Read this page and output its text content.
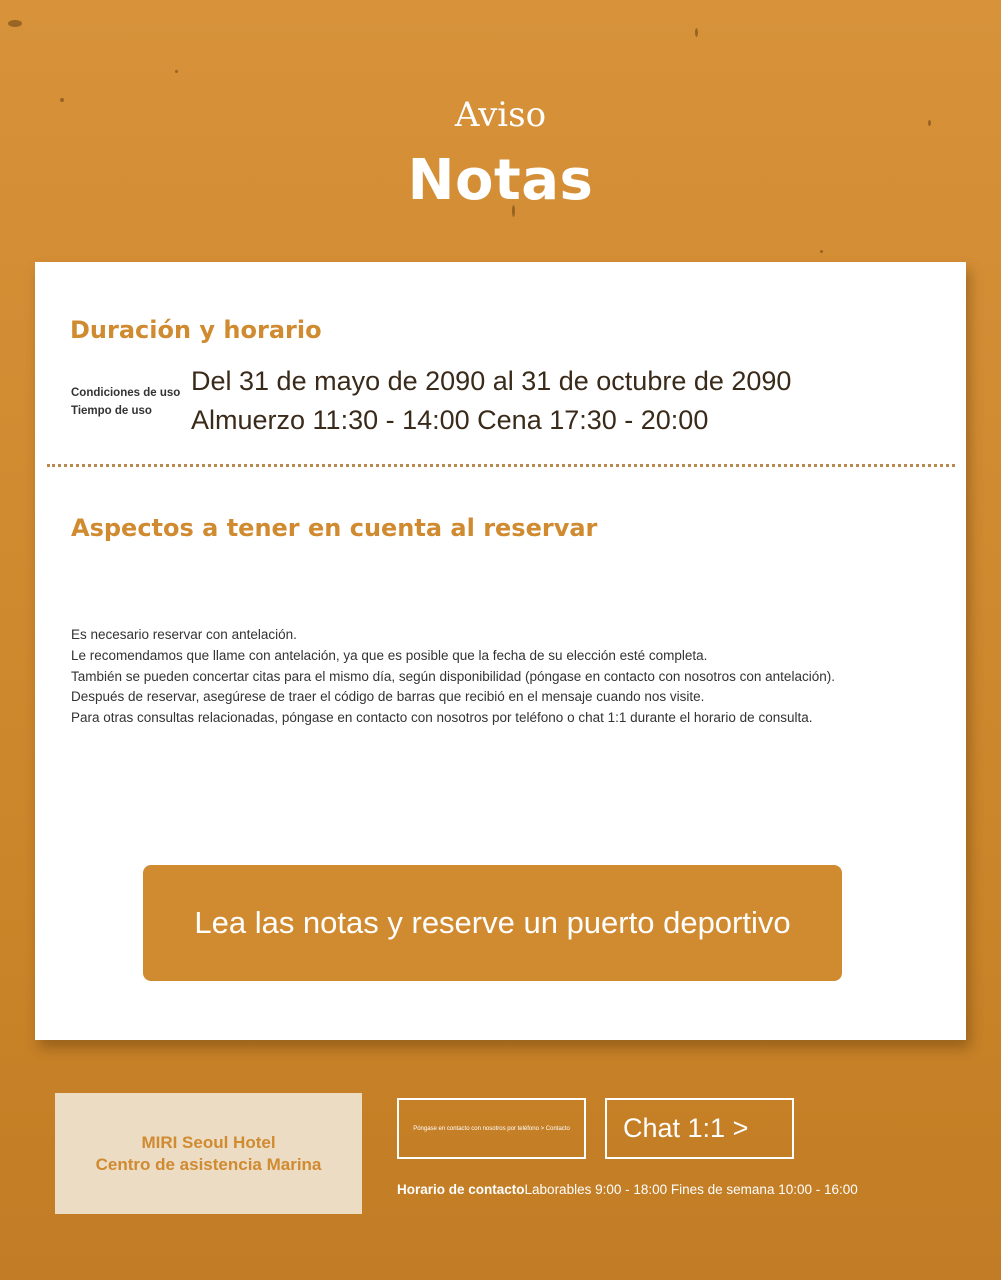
Aviso
Notas
Duración y horario
Condiciones de uso
Tiempo de uso
Del 31 de mayo de 2090 al 31 de octubre de 2090
Almuerzo 11:30 - 14:00 Cena 17:30 - 20:00
Aspectos a tener en cuenta al reservar
Es necesario reservar con antelación.
Le recomendamos que llame con antelación, ya que es posible que la fecha de su elección esté completa.
También se pueden concertar citas para el mismo día, según disponibilidad (póngase en contacto con nosotros con antelación).
Después de reservar, asegúrese de traer el código de barras que recibió en el mensaje cuando nos visite.
Para otras consultas relacionadas, póngase en contacto con nosotros por teléfono o chat 1:1 durante el horario de consulta.
Lea las notas y reserve un puerto deportivo
MIRI Seoul Hotel
Centro de asistencia Marina
Póngase en contacto con nosotros por teléfono > Contacto	Chat 1:1 >
Horario de contactoLaborables 9:00 - 18:00 Fines de semana 10:00 - 16:00
